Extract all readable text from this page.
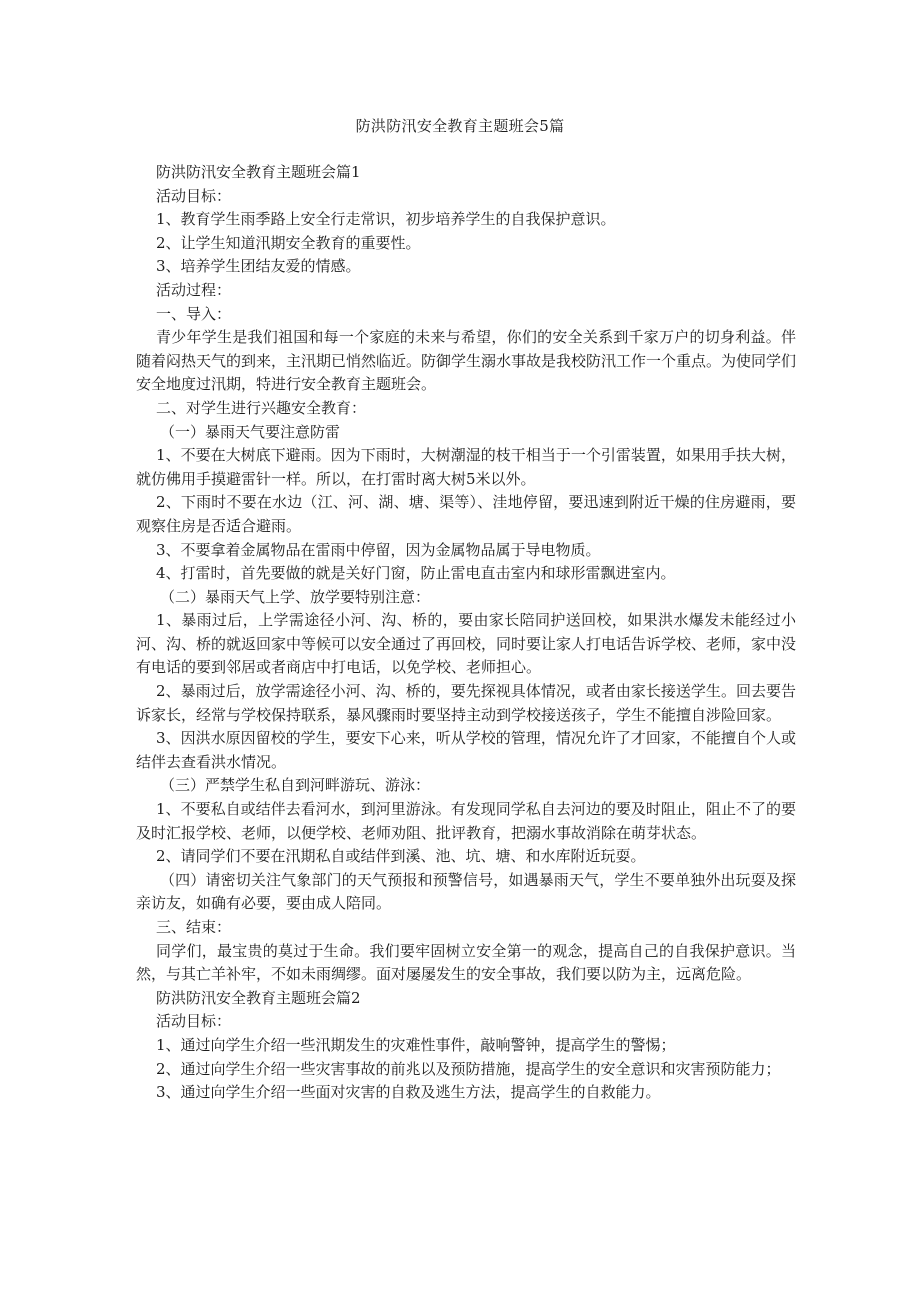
防洪防汛安全教育主题班会5篇

防洪防汛安全教育主题班会篇1

活动目标：

1、教育学生雨季路上安全行走常识，初步培养学生的自我保护意识。

2、让学生知道汛期安全教育的重要性。

3、培养学生团结友爱的情感。

活动过程：

一、导入：

青少年学生是我们祖国和每一个家庭的未来与希望，你们的安全关系到千家万户的切身利益。伴随着闷热天气的到来，主汛期已悄然临近。防御学生溺水事故是我校防汛工作一个重点。为使同学们安全地度过汛期，特进行安全教育主题班会。

二、对学生进行兴趣安全教育：

（一）暴雨天气要注意防雷

1、不要在大树底下避雨。因为下雨时，大树潮湿的枝干相当于一个引雷装置，如果用手扶大树，就仿佛用手摸避雷针一样。所以，在打雷时离大树5米以外。

2、下雨时不要在水边（江、河、湖、塘、渠等）、洼地停留，要迅速到附近干燥的住房避雨，要观察住房是否适合避雨。

3、不要拿着金属物品在雷雨中停留，因为金属物品属于导电物质。

4、打雷时，首先要做的就是关好门窗，防止雷电直击室内和球形雷飘进室内。

（二）暴雨天气上学、放学要特别注意：

1、暴雨过后，上学需途径小河、沟、桥的，要由家长陪同护送回校，如果洪水爆发未能经过小河、沟、桥的就返回家中等候可以安全通过了再回校，同时要让家人打电话告诉学校、老师，家中没有电话的要到邻居或者商店中打电话，以免学校、老师担心。

2、暴雨过后，放学需途径小河、沟、桥的，要先探视具体情况，或者由家长接送学生。回去要告诉家长，经常与学校保持联系，暴风骤雨时要坚持主动到学校接送孩子，学生不能擅自涉险回家。

3、因洪水原因留校的学生，要安下心来，听从学校的管理，情况允许了才回家，不能擅自个人或结伴去查看洪水情况。

（三）严禁学生私自到河畔游玩、游泳：

1、不要私自或结伴去看河水，到河里游泳。有发现同学私自去河边的要及时阻止，阻止不了的要及时汇报学校、老师，以便学校、老师劝阻、批评教育，把溺水事故消除在萌芽状态。

2、请同学们不要在汛期私自或结伴到溪、池、坑、塘、和水库附近玩耍。

（四）请密切关注气象部门的天气预报和预警信号，如遇暴雨天气，学生不要单独外出玩耍及探亲访友，如确有必要，要由成人陪同。

三、结束：

同学们，最宝贵的莫过于生命。我们要牢固树立安全第一的观念，提高自己的自我保护意识。当然，与其亡羊补牢，不如未雨绸缪。面对屡屡发生的安全事故，我们要以防为主，远离危险。

防洪防汛安全教育主题班会篇2

活动目标：

1、通过向学生介绍一些汛期发生的灾难性事件，敲响警钟，提高学生的警惕；

2、通过向学生介绍一些灾害事故的前兆以及预防措施，提高学生的安全意识和灾害预防能力；

3、通过向学生介绍一些面对灾害的自救及逃生方法，提高学生的自救能力。
